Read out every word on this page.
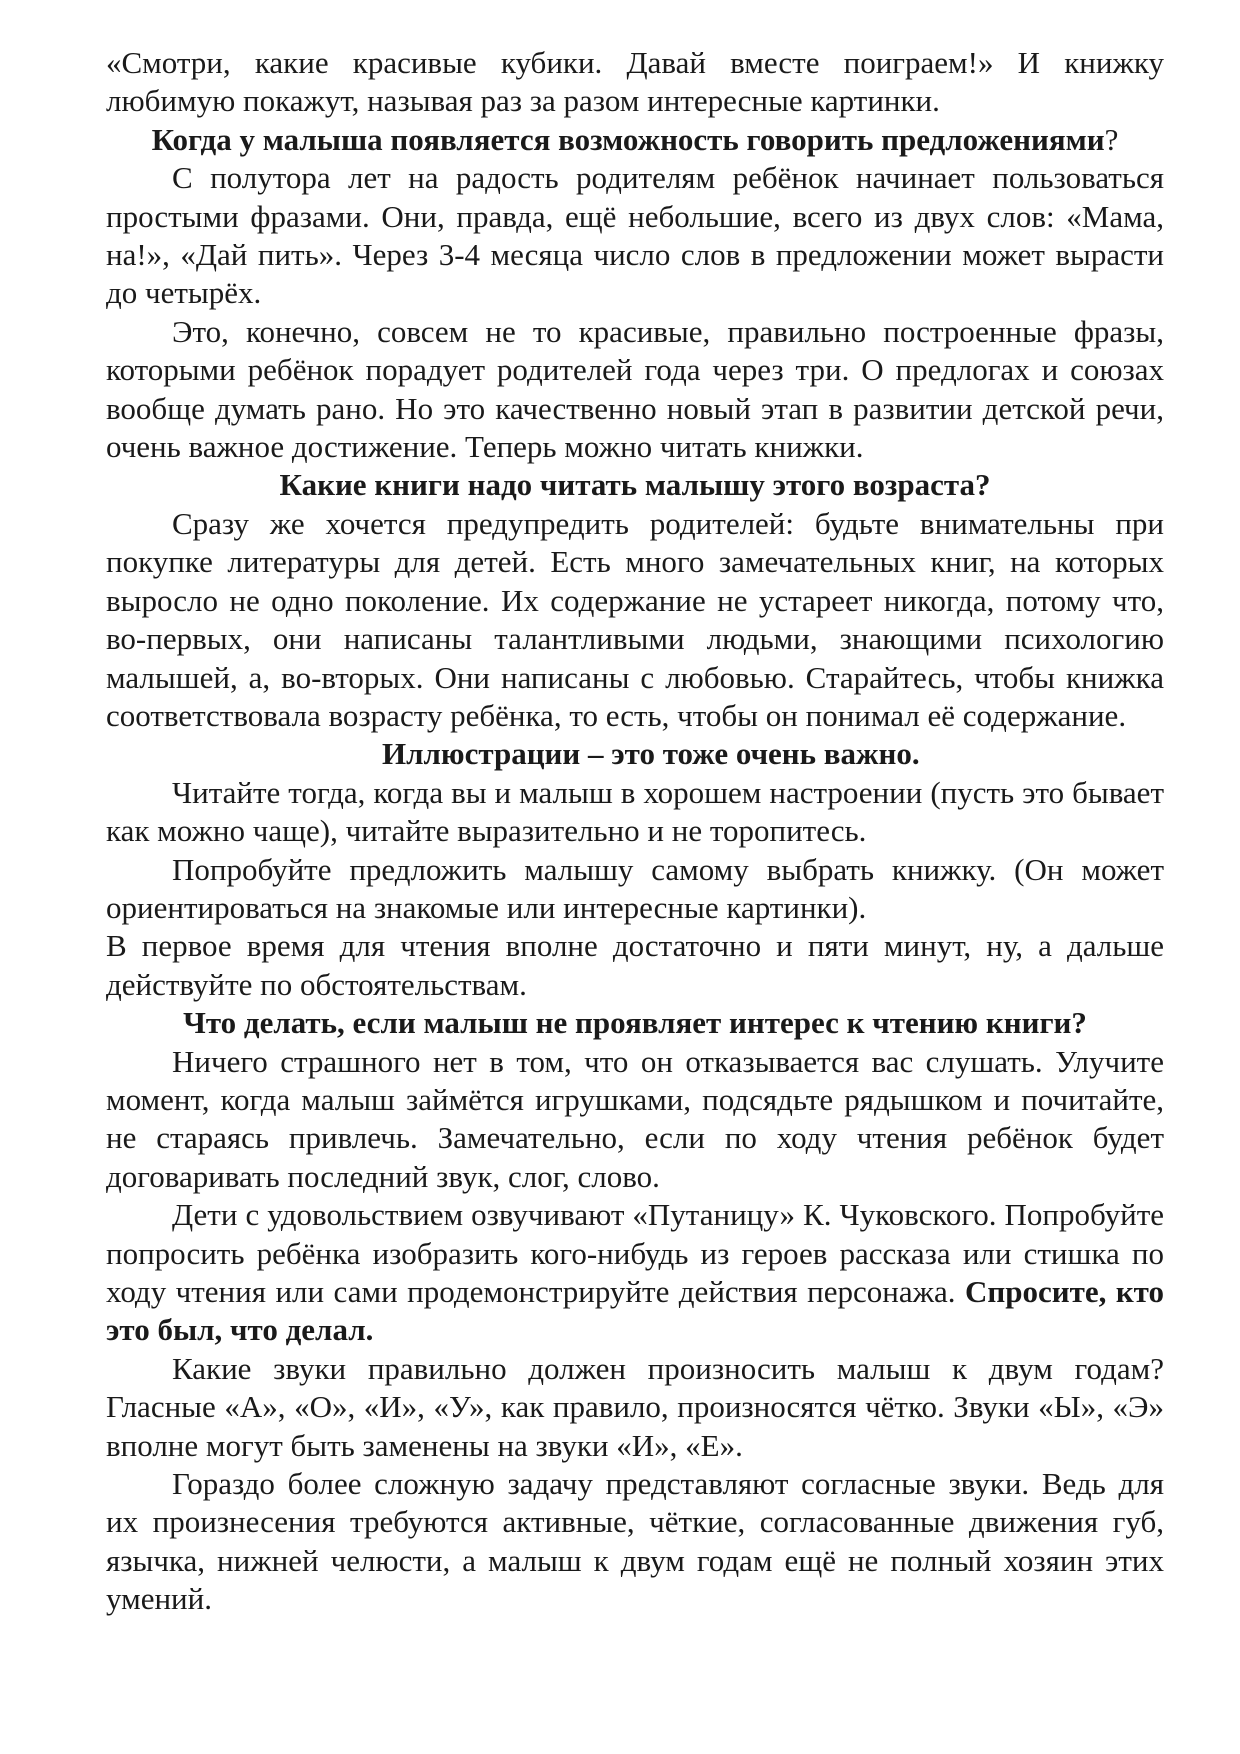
«Смотри, какие красивые кубики. Давай вместе поиграем!» И книжку любимую покажут, называя раз за разом интересные картинки.

Когда у малыша появляется возможность говорить предложениями?

С полутора лет на радость родителям ребёнок начинает пользоваться простыми фразами. Они, правда, ещё небольшие, всего из двух слов: «Мама, на!», «Дай пить». Через 3-4 месяца число слов в предложении может вырасти до четырёх.

Это, конечно, совсем не то красивые, правильно построенные фразы, которыми ребёнок порадует родителей года через три. О предлогах и союзах вообще думать рано. Но это качественно новый этап в развитии детской речи, очень важное достижение. Теперь можно читать книжки.

Какие книги надо читать малышу этого возраста?

Сразу же хочется предупредить родителей: будьте внимательны при покупке литературы для детей. Есть много замечательных книг, на которых выросло не одно поколение. Их содержание не устареет никогда, потому что, во-первых, они написаны талантливыми людьми, знающими психологию малышей, а, во-вторых. Они написаны с любовью. Старайтесь, чтобы книжка соответствовала возрасту ребёнка, то есть, чтобы он понимал её содержание.

Иллюстрации – это тоже очень важно.

Читайте тогда, когда вы и малыш в хорошем настроении (пусть это бывает как можно чаще), читайте выразительно и не торопитесь.

Попробуйте предложить малышу самому выбрать книжку. (Он может ориентироваться на знакомые или интересные картинки).

В первое время для чтения вполне достаточно и пяти минут, ну, а дальше действуйте по обстоятельствам.

Что делать, если малыш не проявляет интерес к чтению книги?

Ничего страшного нет в том, что он отказывается вас слушать. Улучите момент, когда малыш займётся игрушками, подсядьте рядышком и почитайте, не стараясь привлечь. Замечательно, если по ходу чтения ребёнок будет договаривать последний звук, слог, слово.

Дети с удовольствием озвучивают «Путаницу» К. Чуковского. Попробуйте попросить ребёнка изобразить кого-нибудь из героев рассказа или стишка по ходу чтения или сами продемонстрируйте действия персонажа. Спросите, кто это был, что делал.

Какие звуки правильно должен произносить малыш к двум годам? Гласные «А», «О», «И», «У», как правило, произносятся чётко. Звуки «Ы», «Э» вполне могут быть заменены на звуки «И», «Е».

Гораздо более сложную задачу представляют согласные звуки. Ведь для их произнесения требуются активные, чёткие, согласованные движения губ, язычка, нижней челюсти, а малыш к двум годам ещё не полный хозяин этих умений.
